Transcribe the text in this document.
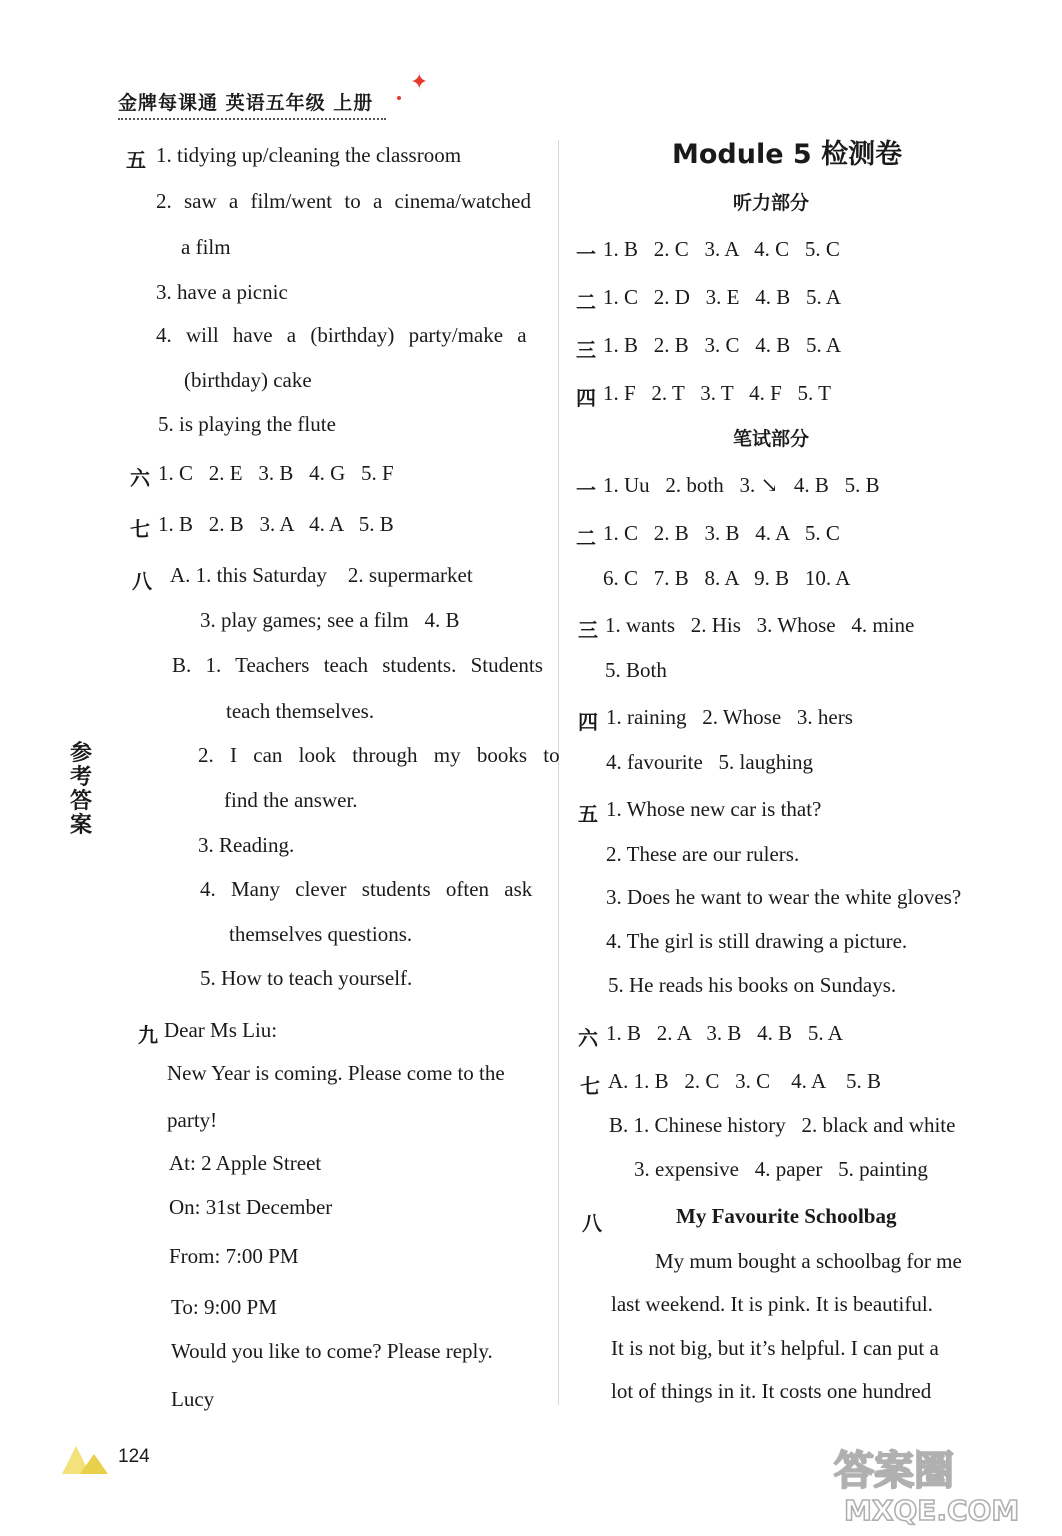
金牌每课通 英语五年级 上册
✦
参考答案
五 1. tidying up/cleaning the classroom
2. saw a film/went to a cinema/watched
a film
3. have a picnic
4. will have a (birthday) party/make a
(birthday) cake
5. is playing the flute
六 1. C   2. E   3. B   4. G   5. F
七 1. B   2. B   3. A   4. A   5. B
八 A. 1. this Saturday    2. supermarket
3. play games; see a film   4. B
B. 1. Teachers teach students. Students
teach themselves.
2. I can look through my books to
find the answer.
3. Reading.
4. Many clever students often ask
themselves questions.
5. How to teach yourself.
九 Dear Ms Liu:
New Year is coming. Please come to the
party!
At: 2 Apple Street
On: 31st December
From: 7:00 PM
To: 9:00 PM
Would you like to come? Please reply.
Lucy
Module 5 检测卷
听力部分
一 1. B   2. C   3. A   4. C   5. C
二 1. C   2. D   3. E   4. B   5. A
三 1. B   2. B   3. C   4. B   5. A
四 1. F   2. T   3. T   4. F   5. T
笔试部分
一 1. Uu   2. both   3. ↘   4. B   5. B
二 1. C   2. B   3. B   4. A   5. C
6. C   7. B   8. A   9. B   10. A
三 1. wants   2. His   3. Whose   4. mine
5. Both
四 1. raining   2. Whose   3. hers
4. favourite   5. laughing
五 1. Whose new car is that?
2. These are our rulers.
3. Does he want to wear the white gloves?
4. The girl is still drawing a picture.
5. He reads his books on Sundays.
六 1. B   2. A   3. B   4. B   5. A
七 A. 1. B   2. C   3. C    4. A    5. B
B. 1. Chinese history   2. black and white
3. expensive   4. paper   5. painting
八	My Favourite Schoolbag
My mum bought a schoolbag for me
last weekend. It is pink. It is beautiful.
It is not big, but it’s helpful. I can put a
lot of things in it. It costs one hundred
124	答案圈
MXQE.COM
